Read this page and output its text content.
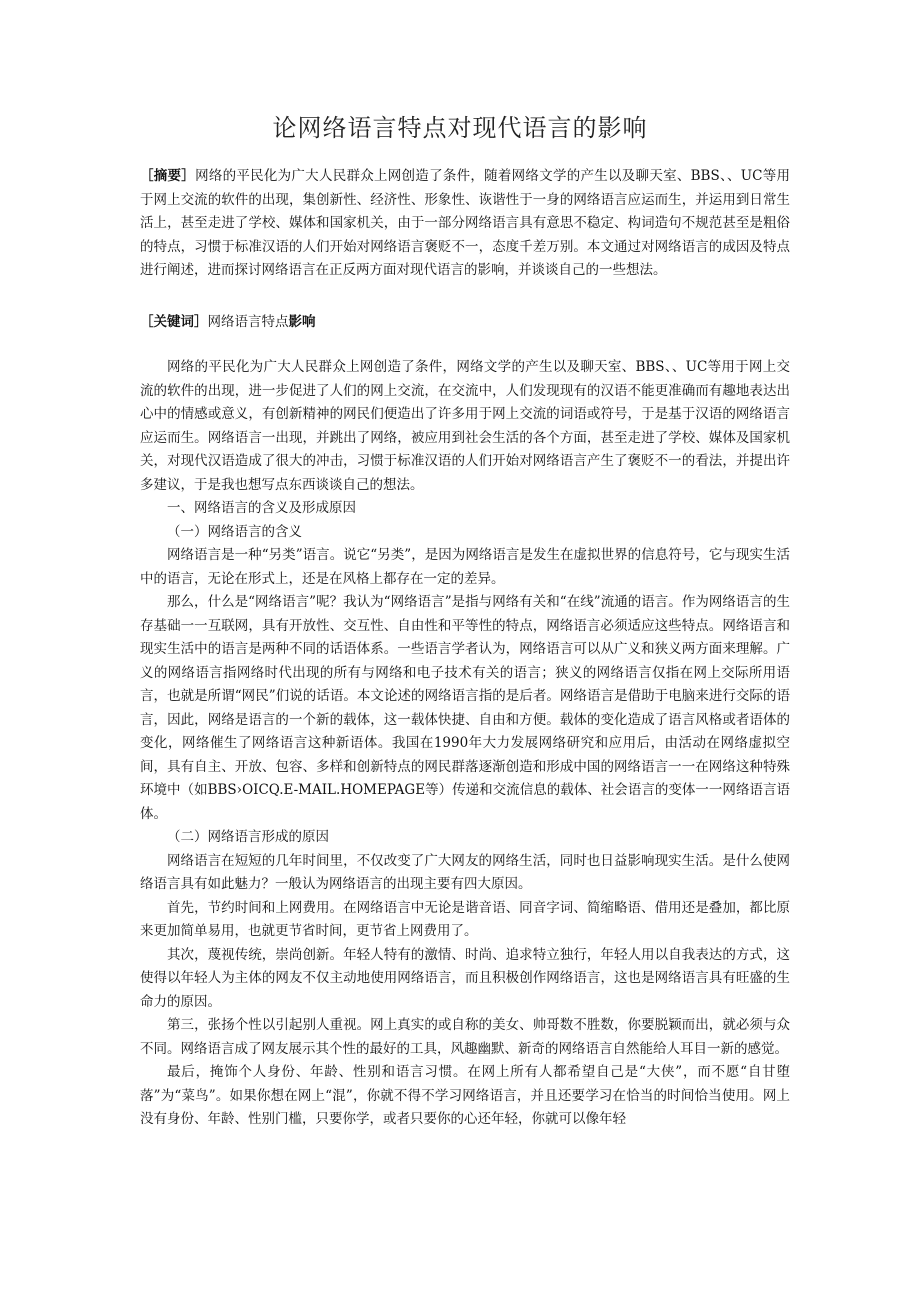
论网络语言特点对现代语言的影响
［摘要］网络的平民化为广大人民群众上网创造了条件，随着网络文学的产生以及聊天室、BBS、、UC等用于网上交流的软件的出现，集创新性、经济性、形象性、诙谐性于一身的网络语言应运而生，并运用到日常生活上，甚至走进了学校、媒体和国家机关，由于一部分网络语言具有意思不稳定、构词造句不规范甚至是粗俗的特点，习惯于标准汉语的人们开始对网络语言褒贬不一，态度千差万别。本文通过对网络语言的成因及特点进行阐述，进而探讨网络语言在正反两方面对现代语言的影响，并谈谈自己的一些想法。
［关键词］网络语言特点影响

网络的平民化为广大人民群众上网创造了条件，网络文学的产生以及聊天室、BBS、、UC等用于网上交流的软件的出现，进一步促进了人们的网上交流，在交流中，人们发现现有的汉语不能更准确而有趣地表达出心中的情感或意义，有创新精神的网民们便造出了许多用于网上交流的词语或符号，于是基于汉语的网络语言应运而生。网络语言一出现，并跳出了网络，被应用到社会生活的各个方面，甚至走进了学校、媒体及国家机关，对现代汉语造成了很大的冲击，习惯于标准汉语的人们开始对网络语言产生了褒贬不一的看法，并提出许多建议，于是我也想写点东西谈谈自己的想法。

一、网络语言的含义及形成原因

（一）网络语言的含义

网络语言是一种“另类”语言。说它“另类”，是因为网络语言是发生在虚拟世界的信息符号，它与现实生活中的语言，无论在形式上，还是在风格上都存在一定的差异。

那么，什么是“网络语言”呢？我认为“网络语言”是指与网络有关和“在线”流通的语言。作为网络语言的生存基础一一互联网，具有开放性、交互性、自由性和平等性的特点，网络语言必须适应这些特点。网络语言和现实生活中的语言是两种不同的话语体系。一些语言学者认为，网络语言可以从广义和狭义两方面来理解。广义的网络语言指网络时代出现的所有与网络和电子技术有关的语言；狭义的网络语言仅指在网上交际所用语言，也就是所谓“网民”们说的话语。本文论述的网络语言指的是后者。网络语言是借助于电脑来进行交际的语言，因此，网络是语言的一个新的载体，这一载体快捷、自由和方便。载体的变化造成了语言风格或者语体的变化，网络催生了网络语言这种新语体。我国在1990年大力发展网络研究和应用后，由活动在网络虚拟空间，具有自主、开放、包容、多样和创新特点的网民群落逐渐创造和形成中国的网络语言一一在网络这种特殊环境中（如BBS›OICQ.E-MAIL.HOMEPAGE等）传递和交流信息的载体、社会语言的变体一一网络语言语体。

（二）网络语言形成的原因

网络语言在短短的几年时间里，不仅改变了广大网友的网络生活，同时也日益影响现实生活。是什么使网络语言具有如此魅力？一般认为网络语言的出现主要有四大原因。

首先，节约时间和上网费用。在网络语言中无论是谐音语、同音字词、简缩略语、借用还是叠加，都比原来更加简单易用，也就更节省时间，更节省上网费用了。

其次，蔑视传统，崇尚创新。年轻人特有的激情、时尚、追求特立独行，年轻人用以自我表达的方式，这使得以年轻人为主体的网友不仅主动地使用网络语言，而且积极创作网络语言，这也是网络语言具有旺盛的生命力的原因。

第三，张扬个性以引起别人重视。网上真实的或自称的美女、帅哥数不胜数，你要脱颖而出，就必须与众不同。网络语言成了网友展示其个性的最好的工具，风趣幽默、新奇的网络语言自然能给人耳目一新的感觉。

最后，掩饰个人身份、年龄、性别和语言习惯。在网上所有人都希望自己是“大侠”，而不愿“自甘堕落”为“菜鸟”。如果你想在网上“混”，你就不得不学习网络语言，并且还要学习在恰当的时间恰当使用。网上没有身份、年龄、性别门槛，只要你学，或者只要你的心还年轻，你就可以像年轻
